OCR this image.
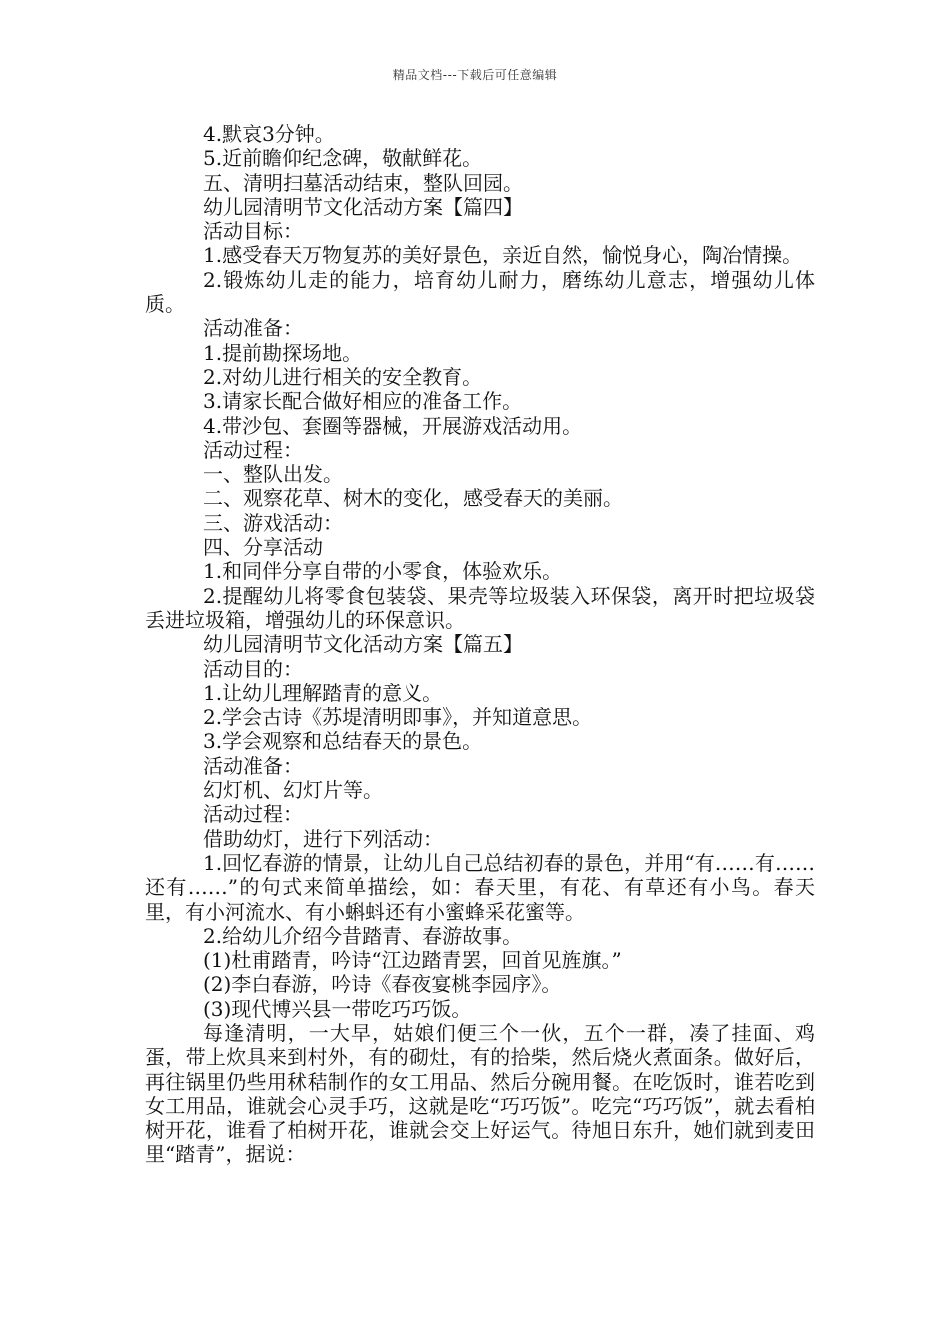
精品文档---下载后可任意编辑

4.默哀3分钟。

5.近前瞻仰纪念碑，敬献鲜花。

五、清明扫墓活动结束，整队回园。

幼儿园清明节文化活动方案【篇四】

活动目标：

1.感受春天万物复苏的美好景色，亲近自然，愉悦身心，陶冶情操。

2.锻炼幼儿走的能力，培育幼儿耐力，磨练幼儿意志，增强幼儿体质。

活动准备：

1.提前勘探场地。

2.对幼儿进行相关的安全教育。

3.请家长配合做好相应的准备工作。

4.带沙包、套圈等器械，开展游戏活动用。

活动过程：

一、整队出发。

二、观察花草、树木的变化，感受春天的美丽。

三、游戏活动：

四、分享活动

1.和同伴分享自带的小零食，体验欢乐。

2.提醒幼儿将零食包装袋、果壳等垃圾装入环保袋，离开时把垃圾袋丢进垃圾箱，增强幼儿的环保意识。

幼儿园清明节文化活动方案【篇五】

活动目的：

1.让幼儿理解踏青的意义。

2.学会古诗《苏堤清明即事》，并知道意思。

3.学会观察和总结春天的景色。

活动准备：

幻灯机、幻灯片等。

活动过程：

借助幼灯，进行下列活动：

1.回忆春游的情景，让幼儿自己总结初春的景色，并用“有……有……还有……”的句式来简单描绘，如：春天里，有花、有草还有小鸟。春天里，有小河流水、有小蝌蚪还有小蜜蜂采花蜜等。

2.给幼儿介绍今昔踏青、春游故事。

(1)杜甫踏青，吟诗“江边踏青罢，回首见旌旗。”

(2)李白春游，吟诗《春夜宴桃李园序》。

(3)现代博兴县一带吃巧巧饭。

每逢清明，一大早，姑娘们便三个一伙，五个一群，凑了挂面、鸡蛋，带上炊具来到村外，有的砌灶，有的拾柴，然后烧火煮面条。做好后，再往锅里仍些用秫秸制作的女工用品、然后分碗用餐。在吃饭时，谁若吃到女工用品，谁就会心灵手巧，这就是吃“巧巧饭”。吃完“巧巧饭”，就去看柏树开花，谁看了柏树开花，谁就会交上好运气。待旭日东升，她们就到麦田里“踏青”，据说：
